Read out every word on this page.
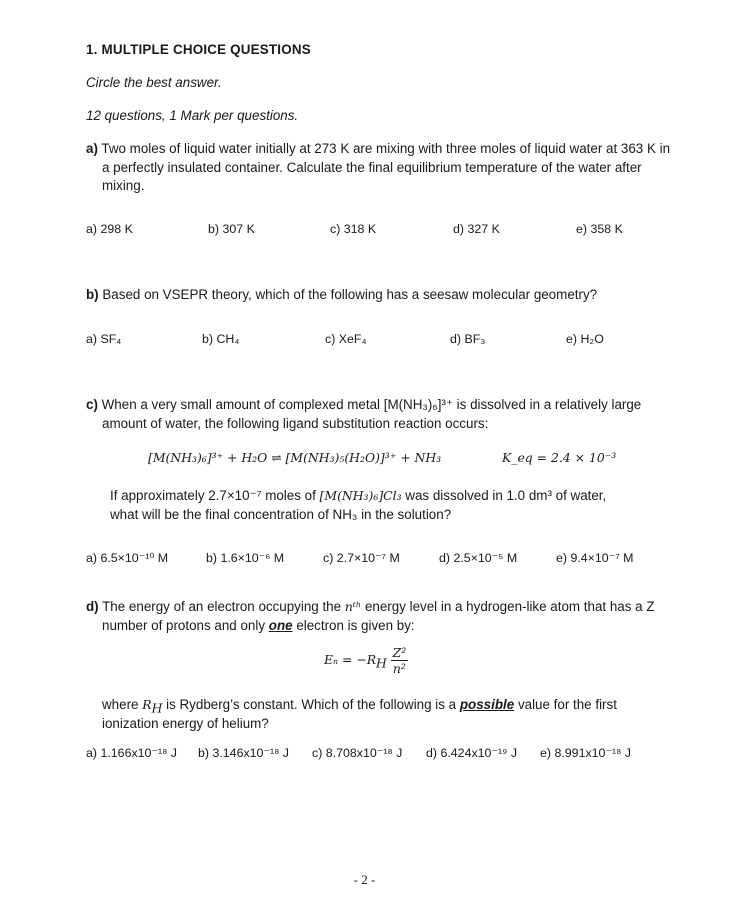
1. MULTIPLE CHOICE QUESTIONS
Circle the best answer.
12 questions, 1 Mark per questions.
a) Two moles of liquid water initially at 273 K are mixing with three moles of liquid water at 363 K in a perfectly insulated container. Calculate the final equilibrium temperature of the water after mixing.
a) 298 K	b) 307 K	c) 318 K	d) 327 K	e) 358 K
b) Based on VSEPR theory, which of the following has a seesaw molecular geometry?
a) SF₄	b) CH₄	c) XeF₄	d) BF₃	e) H₂O
c) When a very small amount of complexed metal [M(NH₃)₆]³⁺ is dissolved in a relatively large amount of water, the following ligand substitution reaction occurs:
[M(NH₃)₆]³⁺ + H₂O ⇌ [M(NH₃)₅(H₂O)]³⁺ + NH₃	K_eq = 2.4 × 10⁻³
If approximately 2.7×10⁻⁷ moles of [M(NH₃)₆]Cl₃ was dissolved in 1.0 dm³ of water, what will be the final concentration of NH₃ in the solution?
a) 6.5×10⁻¹⁰ M	b) 1.6×10⁻⁶ M	c) 2.7×10⁻⁷ M	d) 2.5×10⁻⁵ M	e) 9.4×10⁻⁷ M
d) The energy of an electron occupying the nᵗʰ energy level in a hydrogen-like atom that has a Z number of protons and only one electron is given by:
$E_n = -R_H \frac{\text{Z²}}{\text{n²}}$
where $R_H$ is Rydberg’s constant. Which of the following is a possible value for the first ionization energy of helium?
a) 1.166x10⁻¹⁸ J b) 3.146x10⁻¹⁸ J c) 8.708x10⁻¹⁸ J d) 6.424x10⁻¹⁹ J e) 8.991x10⁻¹⁸ J
- 2 -
